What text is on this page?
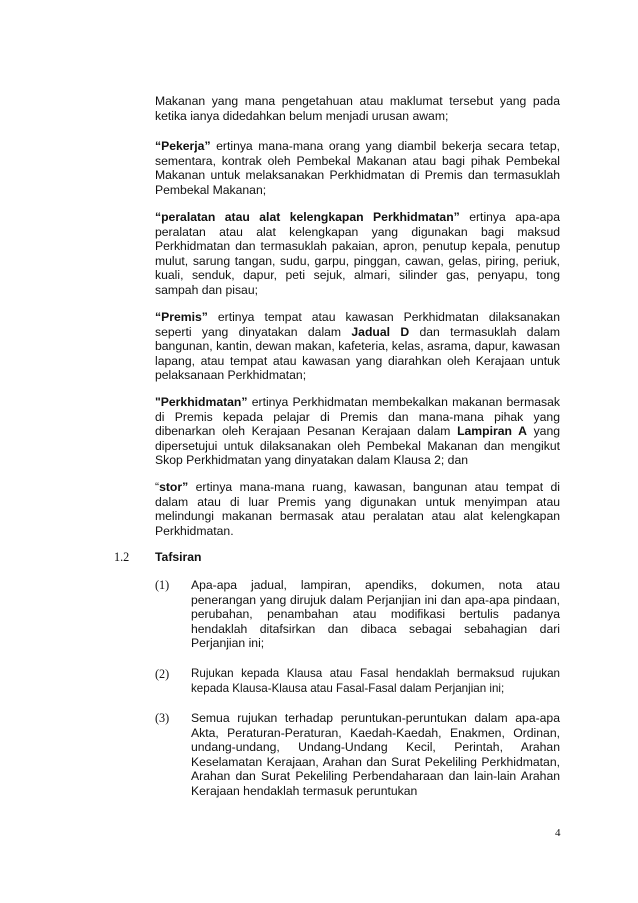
Makanan yang mana pengetahuan atau maklumat tersebut yang pada ketika ianya didedahkan belum menjadi urusan awam;

“Pekerja” ertinya mana-mana orang yang diambil bekerja secara tetap, sementara, kontrak oleh Pembekal Makanan atau bagi pihak Pembekal Makanan untuk melaksanakan Perkhidmatan di Premis dan termasuklah Pembekal Makanan;

“peralatan atau alat kelengkapan Perkhidmatan” ertinya apa-apa peralatan atau alat kelengkapan yang digunakan bagi maksud Perkhidmatan dan termasuklah pakaian, apron, penutup kepala, penutup mulut, sarung tangan, sudu, garpu, pinggan, cawan, gelas, piring, periuk, kuali, senduk, dapur, peti sejuk, almari, silinder gas, penyapu, tong sampah dan pisau;

“Premis” ertinya tempat atau kawasan Perkhidmatan dilaksanakan seperti yang dinyatakan dalam Jadual D dan termasuklah dalam bangunan, kantin, dewan makan, kafeteria, kelas, asrama, dapur, kawasan lapang, atau tempat atau kawasan yang diarahkan oleh Kerajaan untuk pelaksanaan Perkhidmatan;

"Perkhidmatan” ertinya Perkhidmatan membekalkan makanan bermasak di Premis kepada pelajar di Premis dan mana-mana pihak yang dibenarkan oleh Kerajaan Pesanan Kerajaan dalam Lampiran A yang dipersetujui untuk dilaksanakan oleh Pembekal Makanan dan mengikut Skop Perkhidmatan yang dinyatakan dalam Klausa 2; dan

“stor” ertinya mana-mana ruang, kawasan, bangunan atau tempat di dalam atau di luar Premis yang digunakan untuk menyimpan atau melindungi makanan bermasak atau peralatan atau alat kelengkapan Perkhidmatan.

1.2 Tafsiran
(1) Apa-apa jadual, lampiran, apendiks, dokumen, nota atau penerangan yang dirujuk dalam Perjanjian ini dan apa-apa pindaan, perubahan, penambahan atau modifikasi bertulis padanya hendaklah ditafsirkan dan dibaca sebagai sebahagian dari Perjanjian ini;

(2) Rujukan kepada Klausa atau Fasal hendaklah bermaksud rujukan kepada Klausa-Klausa atau Fasal-Fasal dalam Perjanjian ini;

(3) Semua rujukan terhadap peruntukan-peruntukan dalam apa-apa Akta, Peraturan-Peraturan, Kaedah-Kaedah, Enakmen, Ordinan, undang-undang, Undang-Undang Kecil, Perintah, Arahan Keselamatan Kerajaan, Arahan dan Surat Pekeliling Perkhidmatan, Arahan dan Surat Pekeliling Perbendaharaan dan lain-lain Arahan Kerajaan hendaklah termasuk peruntukan

4
